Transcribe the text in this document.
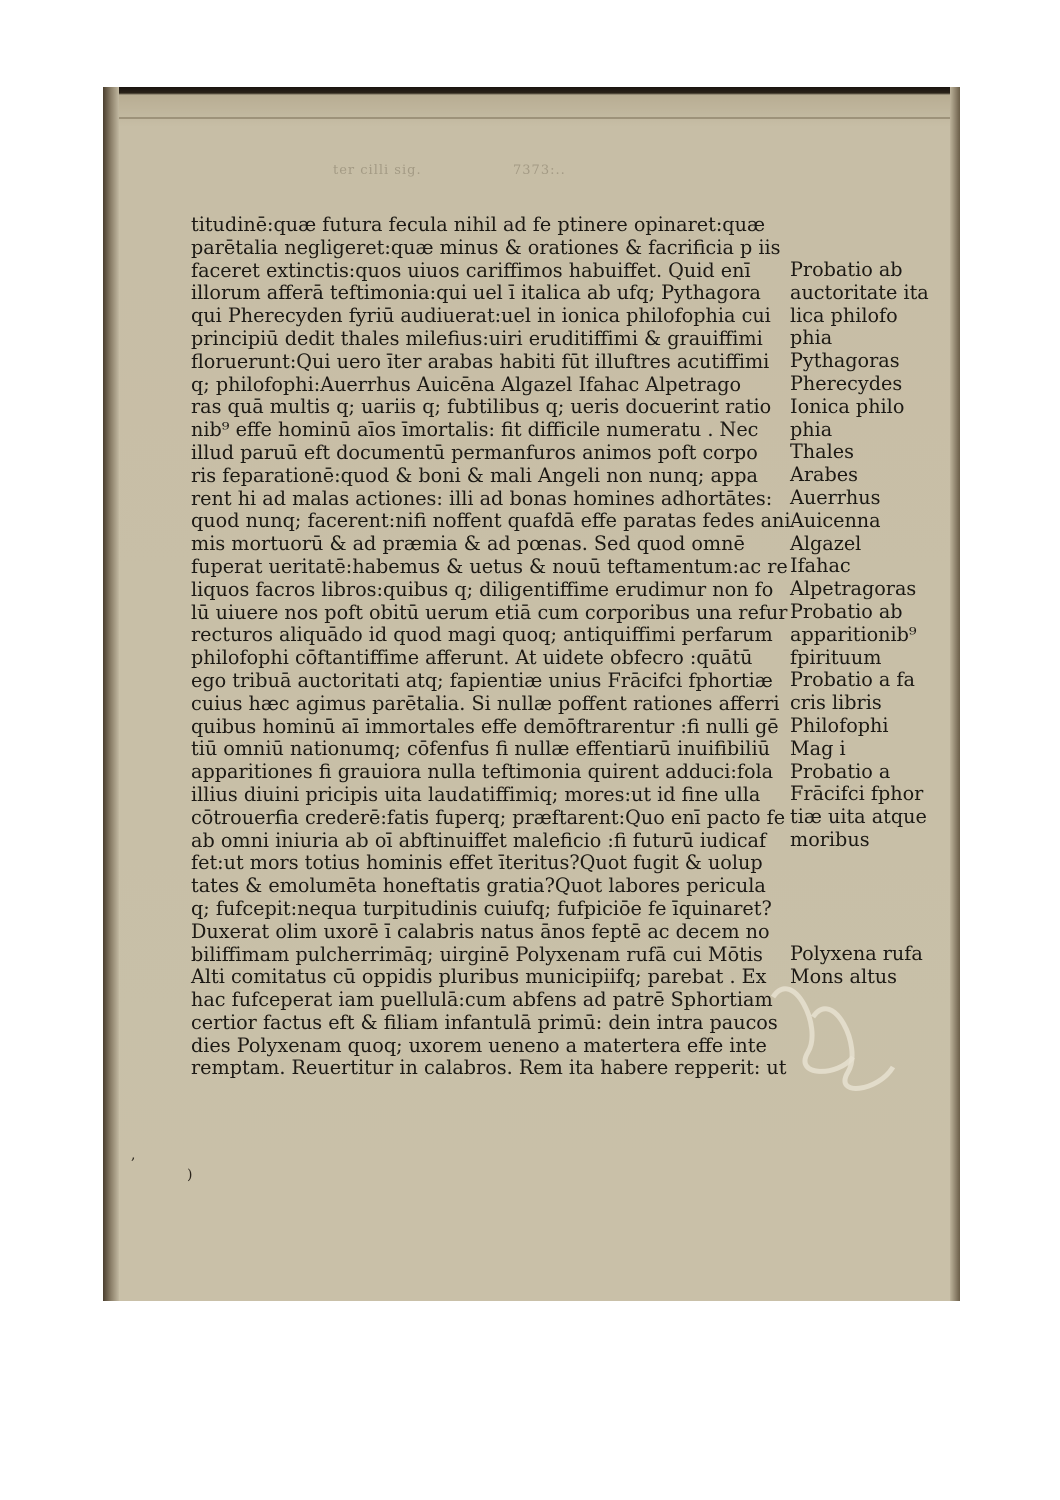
ter cilli sig.	7373:..
titudinē:quæ futura fecula nihil ad fe ptinere opinaret:quæ
parētalia negligeret:quæ minus & orationes & facrificia p iis
faceret extinctis:quos uiuos cariffimos habuiffet. Quid enī
illorum afferā teftimonia:qui uel ī italica ab ufq; Pythagora
qui Pherecyden fyriū audiuerat:uel in ionica philofophia cui
principiū dedit thales milefius:uiri eruditiffimi & grauiffimi
floruerunt:Qui uero īter arabas habiti fūt illuftres acutiffimi
q; philofophi:Auerrhus Auicēna Algazel Ifahac Alpetrago
ras quā multis q; uariis q; fubtilibus q; ueris docuerint ratio
nib⁹ effe hominū aīos īmortalis: fit difficile numeratu . Nec
illud paruū eft documentū permanfuros animos poft corpo
ris feparationē:quod & boni & mali Angeli non nunq; appa
rent hi ad malas actiones: illi ad bonas homines adhortātes:
quod nunq; facerent:nifi noffent quafdā effe paratas fedes ani
mis mortuorū & ad præmia & ad pœnas. Sed quod omnē
fuperat ueritatē:habemus & uetus & nouū teftamentum:ac re
liquos facros libros:quibus q; diligentiffime erudimur non fo
lū uiuere nos poft obitū uerum etiā cum corporibus una refur
recturos aliquādo id quod magi quoq; antiquiffimi perfarum
philofophi cōftantiffime afferunt. At uidete obfecro :quātū
ego tribuā auctoritati atq; fapientiæ unius Frācifci fphortiæ
cuius hæc agimus parētalia. Si nullæ poffent rationes afferri
quibus hominū aī immortales effe demōftrarentur :fi nulli gē
tiū omniū nationumq; cōfenfus fi nullæ effentiarū inuifibiliū
apparitiones fi grauiora nulla teftimonia quirent adduci:fola
illius diuini pricipis uita laudatiffimiq; mores:ut id fine ulla
cōtrouerfia crederē:fatis fuperq; præftarent:Quo enī pacto fe
ab omni iniuria ab oī abftinuiffet maleficio :fi futurū iudicaf
fet:ut mors totius hominis effet īteritus?Quot fugit & uolup
tates & emolumēta honeftatis gratia?Quot labores pericula
q; fufcepit:nequa turpitudinis cuiufq; fufpiciōe fe īquinaret?
Duxerat olim uxorē ī calabris natus ānos feptē ac decem no
biliffimam pulcherrimāq; uirginē Polyxenam rufā cui Mōtis
Alti comitatus cū oppidis pluribus municipiifq; parebat . Ex
hac fufceperat iam puellulā:cum abfens ad patrē Sphortiam
certior factus eft & filiam infantulā primū: dein intra paucos
dies Polyxenam quoq; uxorem ueneno a matertera effe inte
remptam. Reuertitur in calabros. Rem ita habere repperit: ut
Probatio ab
auctoritate ita
lica philofo
phia
Pythagoras
Pherecydes
Ionica philo
phia
Thales
Arabes
Auerrhus
Auicenna
Algazel
Ifahac
Alpetragoras
Probatio ab
apparitionib⁹
fpirituum
Probatio a fa
cris libris
Philofophi
Mag i
Probatio a
Frācifci fphor
tiæ uita atque
moribus
Polyxena rufa
Mons altus
,
)
